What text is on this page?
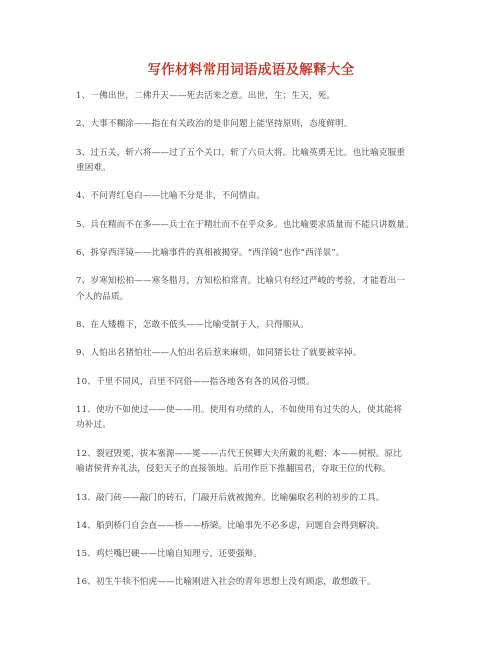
写作材料常用词语成语及解释大全
1、一佛出世，二佛升天——死去活来之意。出世，生；生天，死。
2、大事不糊涂——指在有关政治的是非问题上能坚持原则，态度鲜明。
3、过五关，斩六将——过了五个关口，斩了六员大将。比喻英勇无比。也比喻克服重
重困难。
4、不问青红皂白——比喻不分是非，不问情由。
5、兵在精而不在多——兵士在于精壮而不在乎众多。也比喻要求质量而不能只讲数量。
6、拆穿西洋镜——比喻事件的真相被揭穿。“西洋镜”也作“西洋景”。
7、岁寒知松柏——寒冬腊月，方知松柏常青。比喻只有经过严峻的考验，才能看出一
个人的品质。
8、在人矮檐下，怎敢不低头——比喻受制于人，只得顺从。
9、人怕出名猪怕壮——人怕出名后惹来麻烦，如同猪长壮了就要被宰掉。
10、千里不同风，百里不同俗——指各地各有各的风俗习惯。
11、使功不如使过——使——用。使用有功绩的人，不如使用有过失的人，使其能将
功补过。
12、裂冠毁冕，拔本塞源——冕——古代王侯卿大夫所戴的礼帽；本——树根。原比
喻诸侯背弃礼法，侵犯天子的直接领地。后用作臣下推翻国君，夺取王位的代称。
13、敲门砖——敲门的砖石，门敲开后就被抛弃。比喻骗取名利的初步的工具。
14、船到桥门自会直——桥——桥梁。比喻事先不必多虑，问题自会得到解决。
15、鸡烂嘴巴硬——比喻自知理亏，还要强辩。
16、初生牛犊不怕虎——比喻刚进入社会的青年思想上没有顾虑，敢想敢干。
